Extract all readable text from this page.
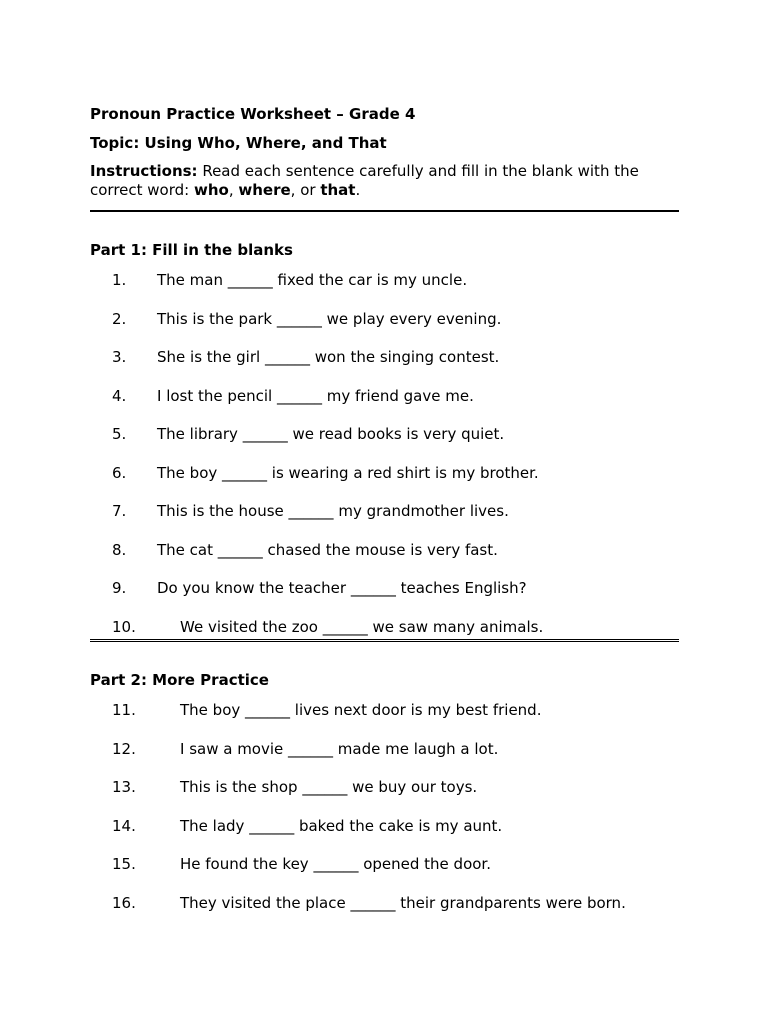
Pronoun Practice Worksheet – Grade 4

Topic: Using Who, Where, and That

Instructions: Read each sentence carefully and fill in the blank with the correct word: who, where, or that.

Part 1: Fill in the blanks

1.	The man ______ fixed the car is my uncle.
2.	This is the park ______ we play every evening.
3.	She is the girl ______ won the singing contest.
4.	I lost the pencil ______ my friend gave me.
5.	The library ______ we read books is very quiet.
6.	The boy ______ is wearing a red shirt is my brother.
7.	This is the house ______ my grandmother lives.
8.	The cat ______ chased the mouse is very fast.
9.	Do you know the teacher ______ teaches English?
10.	We visited the zoo ______ we saw many animals.

Part 2: More Practice

11.	The boy ______ lives next door is my best friend.
12.	I saw a movie ______ made me laugh a lot.
13.	This is the shop ______ we buy our toys.
14.	The lady ______ baked the cake is my aunt.
15.	He found the key ______ opened the door.
16.	They visited the place ______ their grandparents were born.
